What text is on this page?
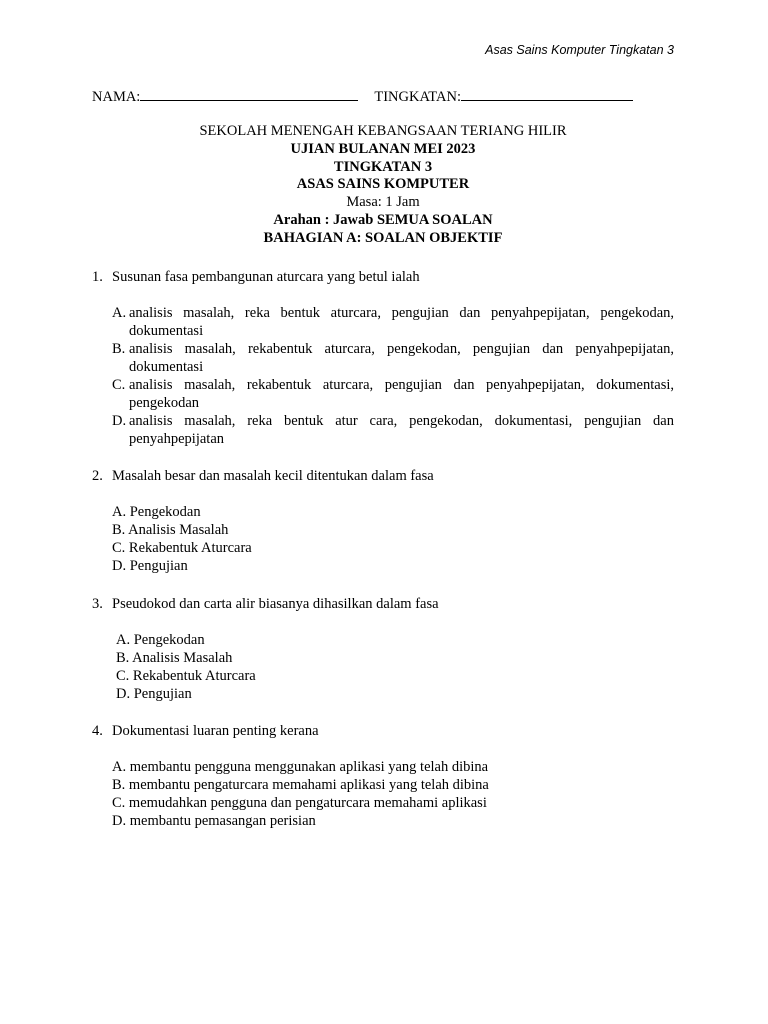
Asas Sains Komputer Tingkatan 3
NAMA:	TINGKATAN:
SEKOLAH MENENGAH KEBANGSAAN TERIANG HILIR
UJIAN BULANAN MEI 2023
TINGKATAN 3
ASAS SAINS KOMPUTER
Masa: 1 Jam
Arahan : Jawab SEMUA SOALAN
BAHAGIAN A: SOALAN OBJEKTIF
1. Susunan fasa pembangunan aturcara yang betul ialah
A. analisis masalah, reka bentuk aturcara, pengujian dan penyahpepijatan, pengekodan, dokumentasi
B. analisis masalah, rekabentuk aturcara, pengekodan, pengujian dan penyahpepijatan, dokumentasi
C. analisis masalah, rekabentuk aturcara, pengujian dan penyahpepijatan, dokumentasi, pengekodan
D. analisis masalah, reka bentuk atur cara, pengekodan, dokumentasi, pengujian dan penyahpepijatan
2. Masalah besar dan masalah kecil ditentukan dalam fasa
A. Pengekodan
B. Analisis Masalah
C. Rekabentuk Aturcara
D. Pengujian
3. Pseudokod dan carta alir biasanya dihasilkan dalam fasa
A. Pengekodan
B. Analisis Masalah
C. Rekabentuk Aturcara
D. Pengujian
4. Dokumentasi luaran penting kerana
A. membantu pengguna menggunakan aplikasi yang telah dibina
B. membantu pengaturcara memahami aplikasi yang telah dibina
C. memudahkan pengguna dan pengaturcara memahami aplikasi
D. membantu pemasangan perisian
